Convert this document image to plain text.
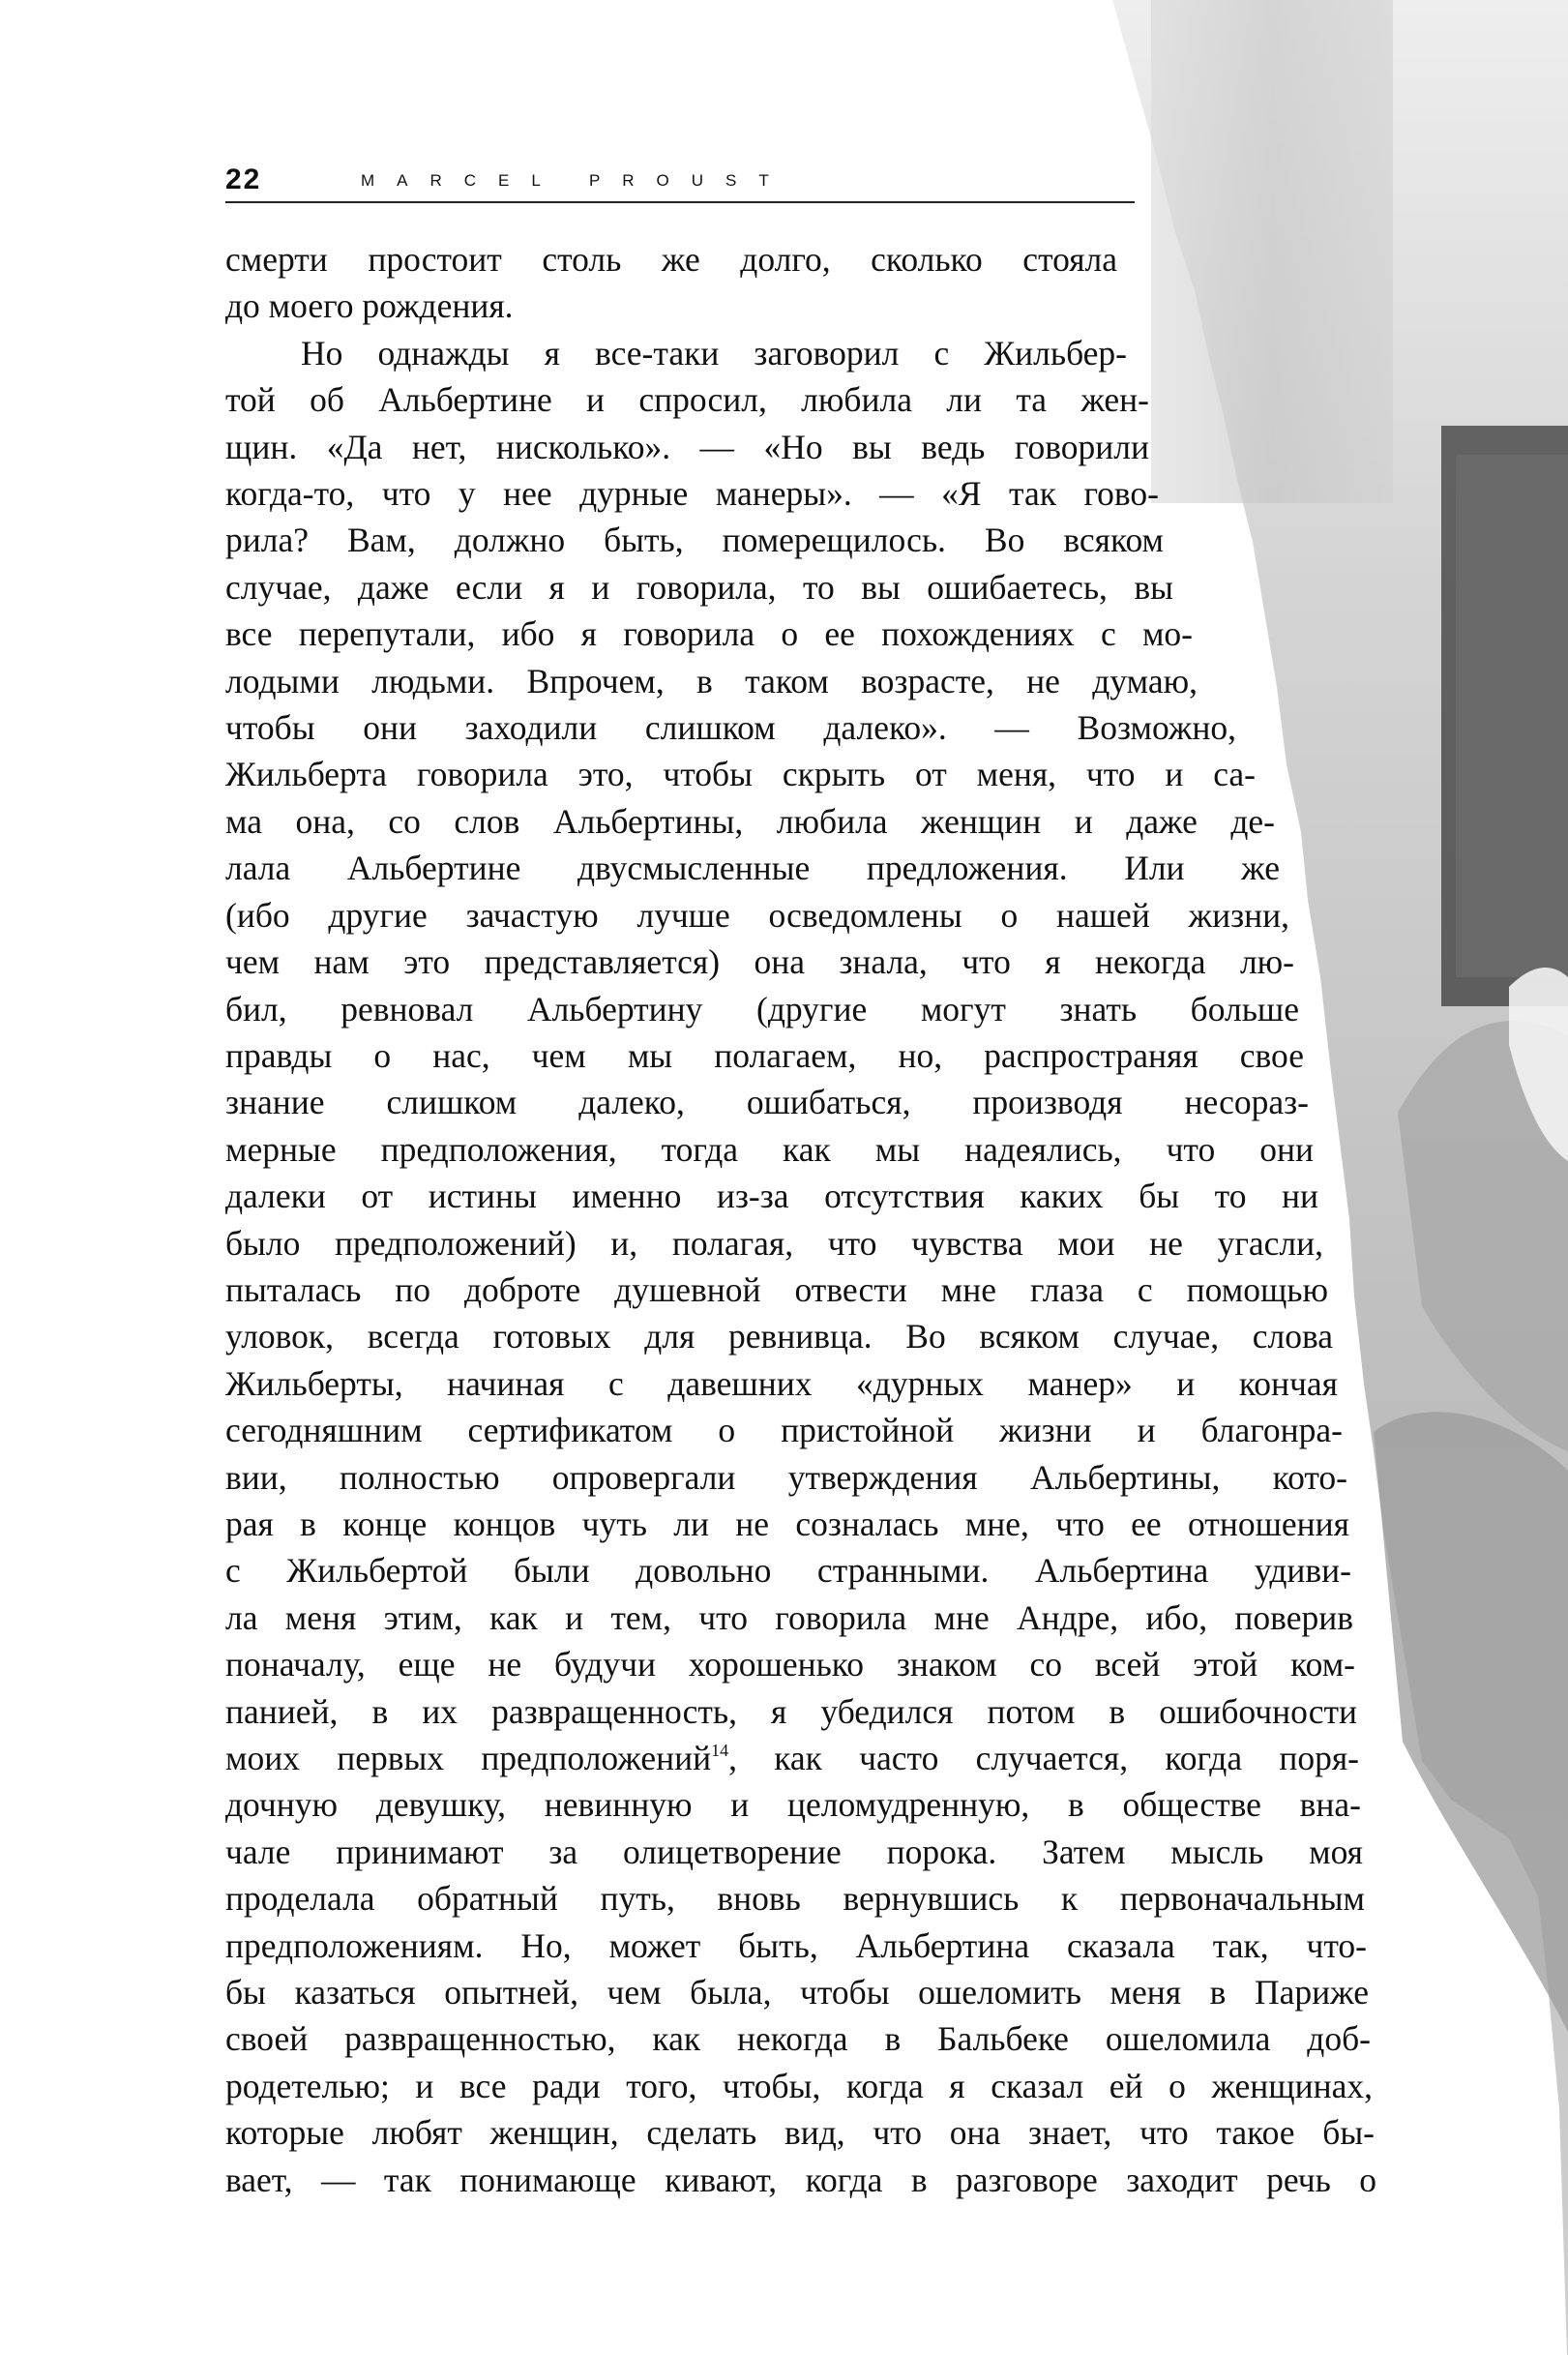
22	MARCEL PROUST
смерти простоит столь же долго, сколько стояла
до моего рождения.
Но однажды я все-таки заговорил с Жильбер-
той об Альбертине и спросил, любила ли та жен-
щин. «Да нет, нисколько». — «Но вы ведь говорили
когда-то, что у нее дурные манеры». — «Я так гово-
рила? Вам, должно быть, померещилось. Во всяком
случае, даже если я и говорила, то вы ошибаетесь, вы
все перепутали, ибо я говорила о ее похождениях с мо-
лодыми людьми. Впрочем, в таком возрасте, не думаю,
чтобы они заходили слишком далеко». — Возможно,
Жильберта говорила это, чтобы скрыть от меня, что и са-
ма она, со слов Альбертины, любила женщин и даже де-
лала Альбертине двусмысленные предложения. Или же
(ибо другие зачастую лучше осведомлены о нашей жизни,
чем нам это представляется) она знала, что я некогда лю-
бил, ревновал Альбертину (другие могут знать больше
правды о нас, чем мы полагаем, но, распространяя свое
знание слишком далеко, ошибаться, производя несораз-
мерные предположения, тогда как мы надеялись, что они
далеки от истины именно из-за отсутствия каких бы то ни
было предположений) и, полагая, что чувства мои не угасли,
пыталась по доброте душевной отвести мне глаза с помощью
уловок, всегда готовых для ревнивца. Во всяком случае, слова
Жильберты, начиная с давешних «дурных манер» и кончая
сегодняшним сертификатом о пристойной жизни и благонра-
вии, полностью опровергали утверждения Альбертины, кото-
рая в конце концов чуть ли не созналась мне, что ее отношения
с Жильбертой были довольно странными. Альбертина удиви-
ла меня этим, как и тем, что говорила мне Андре, ибо, поверив
поначалу, еще не будучи хорошенько знаком со всей этой ком-
панией, в их развращенность, я убедился потом в ошибочности
моих первых предположений$^{14}$, как часто случается, когда поря-
дочную девушку, невинную и целомудренную, в обществе вна-
чале принимают за олицетворение порока. Затем мысль моя
проделала обратный путь, вновь вернувшись к первоначальным
предположениям. Но, может быть, Альбертина сказала так, что-
бы казаться опытней, чем была, чтобы ошеломить меня в Париже
своей развращенностью, как некогда в Бальбеке ошеломила доб-
родетелью; и все ради того, чтобы, когда я сказал ей о женщинах,
которые любят женщин, сделать вид, что она знает, что такое бы-
вает, — так понимающе кивают, когда в разговоре заходит речь о
